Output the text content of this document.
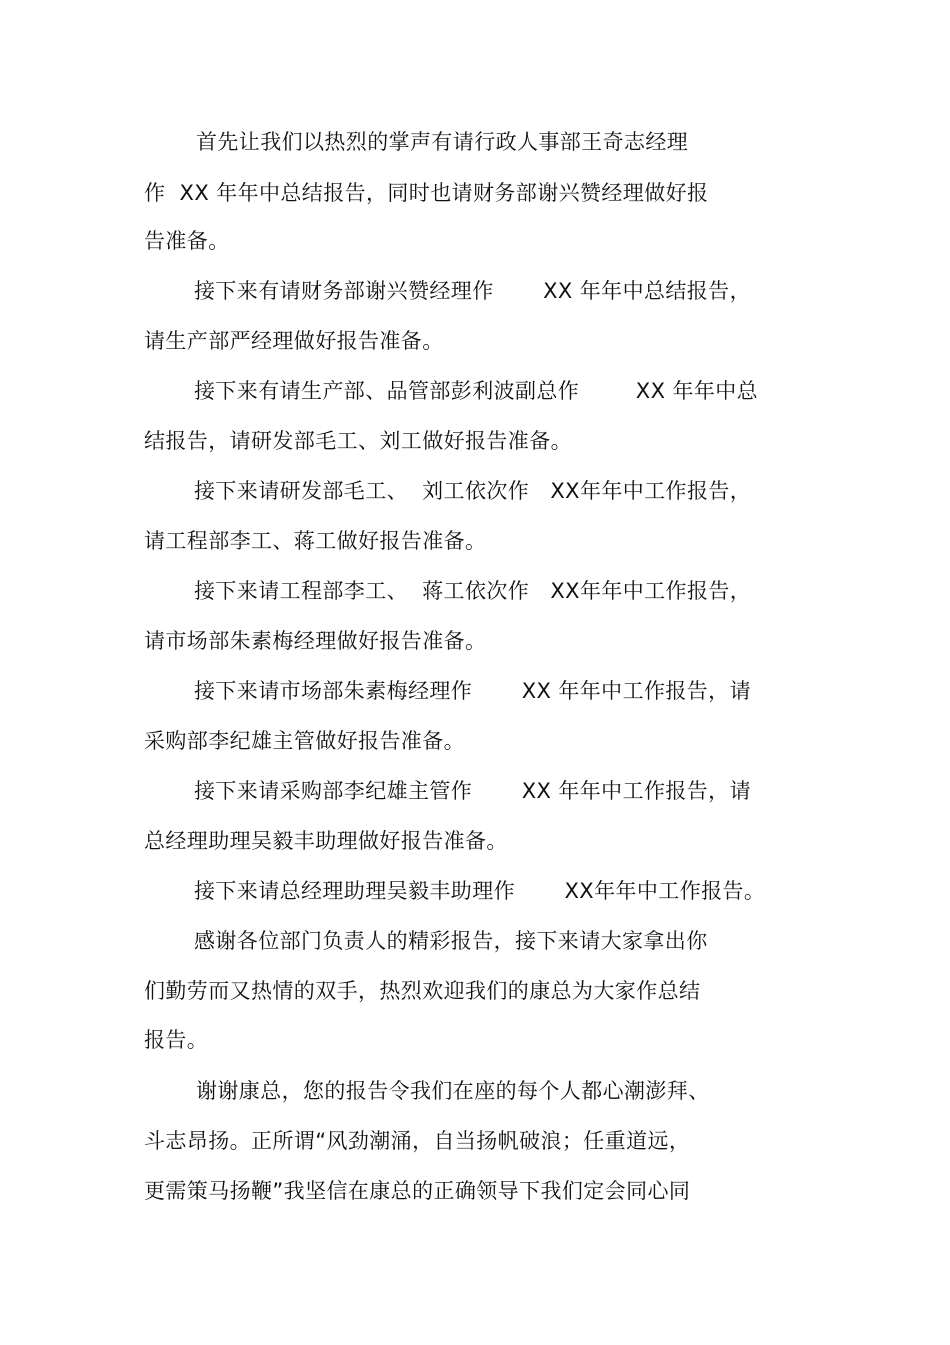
首先让我们以热烈的掌声有请行政人事部王奇志经理
作  XX 年年中总结报告，同时也请财务部谢兴赞经理做好报
告准备。
接下来有请财务部谢兴赞经理作       XX 年年中总结报告，
请生产部严经理做好报告准备。
接下来有请生产部、品管部彭利波副总作        XX 年年中总
结报告，请研发部毛工、刘工做好报告准备。
接下来请研发部毛工、  刘工依次作   XX年年中工作报告，
请工程部李工、蒋工做好报告准备。
接下来请工程部李工、  蒋工依次作   XX年年中工作报告，
请市场部朱素梅经理做好报告准备。
接下来请市场部朱素梅经理作       XX 年年中工作报告，请
采购部李纪雄主管做好报告准备。
接下来请采购部李纪雄主管作       XX 年年中工作报告，请
总经理助理吴毅丰助理做好报告准备。
接下来请总经理助理吴毅丰助理作       XX年年中工作报告。
感谢各位部门负责人的精彩报告，接下来请大家拿出你
们勤劳而又热情的双手，热烈欢迎我们的康总为大家作总结
报告。
谢谢康总，您的报告令我们在座的每个人都心潮澎拜、
斗志昂扬。正所谓“风劲潮涌，自当扬帆破浪；任重道远，
更需策马扬鞭”我坚信在康总的正确领导下我们定会同心同
